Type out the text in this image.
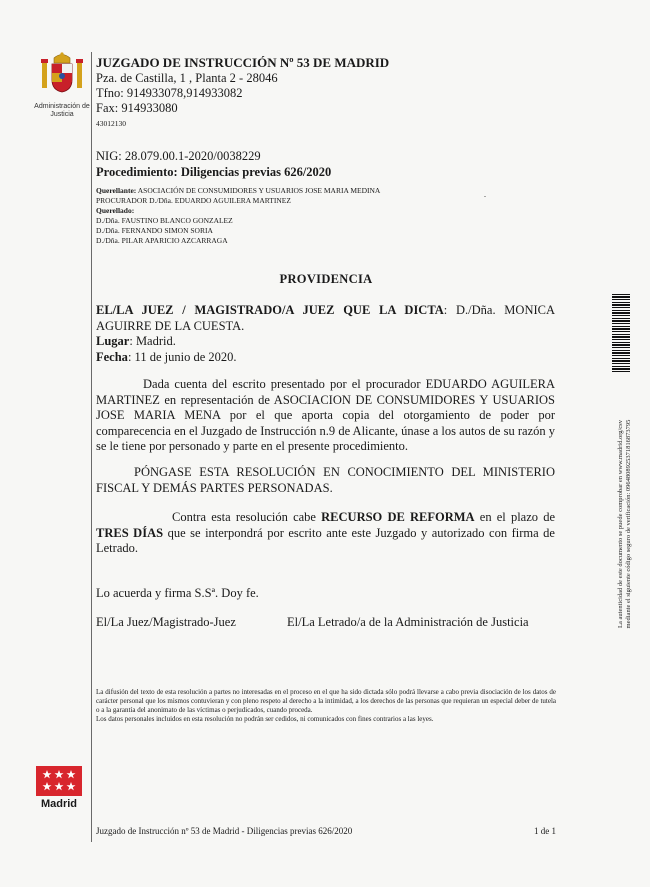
Administración de Justicia
JUZGADO DE INSTRUCCIÓN Nº 53 DE MADRID
Pza. de Castilla, 1 , Planta 2 - 28046
Tfno: 914933078,914933082
Fax: 914933080
43012130
NIG: 28.079.00.1-2020/0038229
Procedimiento: Diligencias previas 626/2020
Querellante: ASOCIACIÓN DE CONSUMIDORES Y USUARIOS JOSE MARIA MEDINA
PROCURADOR D./Dña. EDUARDO AGUILERA MARTINEZ
Querellado:
D./Dña. FAUSTINO BLANCO GONZALEZ
D./Dña. FERNANDO SIMON SORIA
D./Dña. PILAR APARICIO AZCARRAGA
.
PROVIDENCIA
EL/LA JUEZ / MAGISTRADO/A JUEZ QUE LA DICTA: D./Dña. MONICA AGUIRRE DE LA CUESTA.
Lugar: Madrid.
Fecha: 11 de junio de 2020.
Dada cuenta del escrito presentado por el procurador EDUARDO AGUILERA MARTINEZ en representación de ASOCIACION DE CONSUMIDORES Y USUARIOS JOSE MARIA MENA por el que aporta copia del otorgamiento de poder por comparecencia en el Juzgado de Instrucción n.9 de Alicante, únase a los autos de su razón y se le tiene por personado y parte en el presente procedimiento.
PÓNGASE ESTA RESOLUCIÓN EN CONOCIMIENTO DEL MINISTERIO FISCAL Y DEMÁS PARTES PERSONADAS.
Contra esta resolución cabe RECURSO DE REFORMA en el plazo de TRES DÍAS que se interpondrá por escrito ante este Juzgado y autorizado con firma de Letrado.
Lo acuerda y firma S.Sª. Doy fe.
El/La Juez/Magistrado-Juez	El/La Letrado/a de la Administración de Justicia
La difusión del texto de esta resolución a partes no interesadas en el proceso en el que ha sido dictada sólo podrá llevarse a cabo previa disociación de los datos de carácter personal que los mismos contuvieran y con pleno respeto al derecho a la intimidad, a los derechos de las personas que requieran un especial deber de tutela o a la garantía del anonimato de las víctimas o perjudicados, cuando proceda.
Los datos personales incluidos en esta resolución no podrán ser cedidos, ni comunicados con fines contrarios a las leyes.
Madrid
Juzgado de Instrucción nº 53 de Madrid - Diligencias previas 626/2020	1 de 1
La autenticidad de este documento se puede comprobar en www.madrid.org/csv mediante el siguiente código seguro de verificación: 0964808925371816873795
